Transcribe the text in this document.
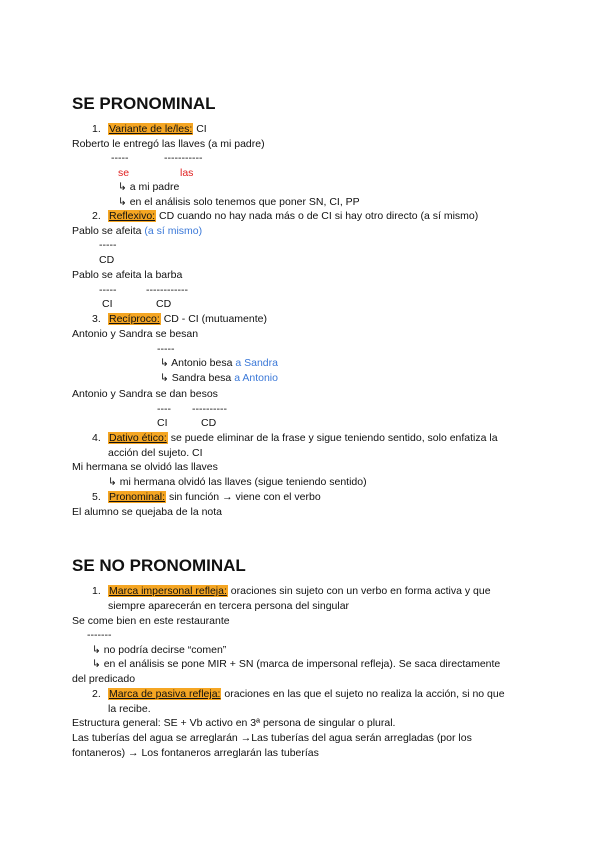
SE PRONOMINAL
1. Variante de le/les: CI
Roberto le entregó las llaves (a mi padre)
-----	-----------
se	las
↳ a mi padre
↳ en el análisis solo tenemos que poner SN, CI, PP
2. Reflexivo: CD cuando no hay nada más o de CI si hay otro directo (a sí mismo)
Pablo se afeita (a sí mismo)
-----
CD
Pablo se afeita la barba
-----	------------
CI	CD
3. Recíproco: CD - CI (mutuamente)
Antonio y Sandra se besan
-----
↳ Antonio besa a Sandra
↳ Sandra besa a Antonio
Antonio y Sandra se dan besos
---- ----------
CI	CD
4. Dativo ético: se puede eliminar de la frase y sigue teniendo sentido, solo enfatiza la
acción del sujeto. CI
Mi hermana se olvidó las llaves
↳ mi hermana olvidó las llaves (sigue teniendo sentido)
5. Pronominal: sin función → viene con el verbo
El alumno se quejaba de la nota
SE NO PRONOMINAL
1. Marca impersonal refleja: oraciones sin sujeto con un verbo en forma activa y que
siempre aparecerán en tercera persona del singular
Se come bien en este restaurante
-------
↳ no podría decirse “comen”
↳ en el análisis se pone MIR + SN (marca de impersonal refleja). Se saca directamente
del predicado
2. Marca de pasiva refleja: oraciones en las que el sujeto no realiza la acción, si no que
la recibe.
Estructura general: SE + Vb activo en 3ª persona de singular o plural.
Las tuberías del agua se arreglarán →Las tuberías del agua serán arregladas (por los
fontaneros) → Los fontaneros arreglarán las tuberías
